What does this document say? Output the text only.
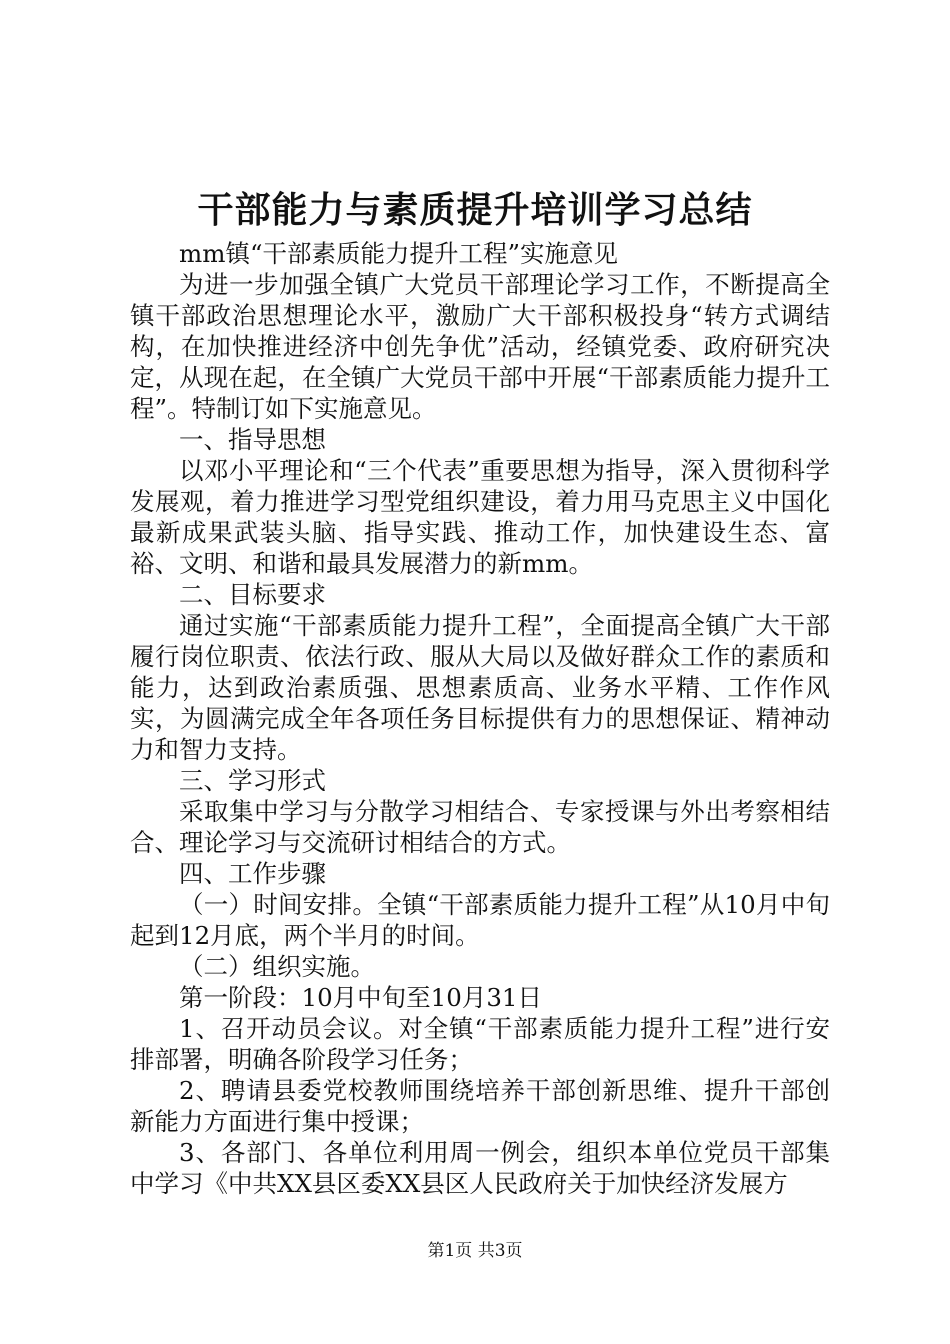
干部能力与素质提升培训学习总结

mm镇“干部素质能力提升工程”实施意见

为进一步加强全镇广大党员干部理论学习工作，不断提高全镇干部政治思想理论水平，激励广大干部积极投身“转方式调结构，在加快推进经济中创先争优”活动，经镇党委、政府研究决定，从现在起，在全镇广大党员干部中开展“干部素质能力提升工程”。特制订如下实施意见。

一、指导思想

以邓小平理论和“三个代表”重要思想为指导，深入贯彻科学发展观，着力推进学习型党组织建设，着力用马克思主义中国化最新成果武装头脑、指导实践、推动工作，加快建设生态、富裕、文明、和谐和最具发展潜力的新mm。

二、目标要求

通过实施“干部素质能力提升工程”，全面提高全镇广大干部履行岗位职责、依法行政、服从大局以及做好群众工作的素质和能力，达到政治素质强、思想素质高、业务水平精、工作作风实，为圆满完成全年各项任务目标提供有力的思想保证、精神动力和智力支持。

三、学习形式

采取集中学习与分散学习相结合、专家授课与外出考察相结合、理论学习与交流研讨相结合的方式。

四、工作步骤

（一）时间安排。全镇“干部素质能力提升工程”从10月中旬起到12月底，两个半月的时间。

（二）组织实施。

第一阶段：10月中旬至10月31日

1、召开动员会议。对全镇“干部素质能力提升工程”进行安排部署，明确各阶段学习任务；

2、聘请县委党校教师围绕培养干部创新思维、提升干部创新能力方面进行集中授课；

3、各部门、各单位利用周一例会，组织本单位党员干部集中学习《中共XX县区委XX县区人民政府关于加快经济发展方

第1页 共3页
